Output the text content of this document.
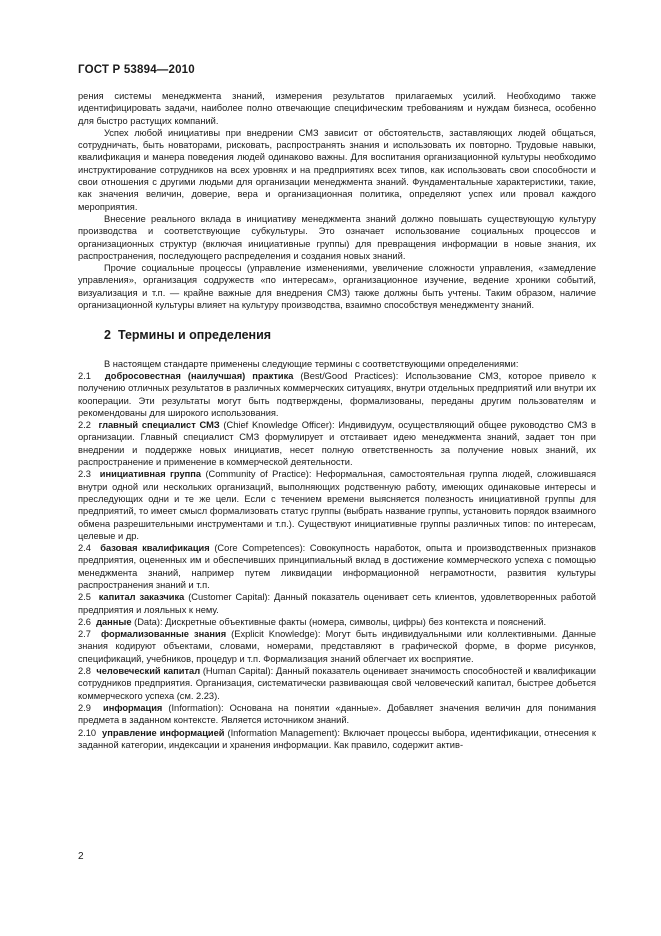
ГОСТ Р 53894—2010

рения системы менеджмента знаний, измерения результатов прилагаемых усилий. Необходимо также идентифицировать задачи, наиболее полно отвечающие специфическим требованиям и нуждам бизнеса, особенно для быстро растущих компаний.

Успех любой инициативы при внедрении СМЗ зависит от обстоятельств, заставляющих людей общаться, сотрудничать, быть новаторами, рисковать, распространять знания и использовать их повторно. Трудовые навыки, квалификация и манера поведения людей одинаково важны. Для воспитания организационной культуры необходимо инструктирование сотрудников на всех уровнях и на предприятиях всех типов, как использовать свои способности и свои отношения с другими людьми для организации менеджмента знаний. Фундаментальные характеристики, такие, как значения величин, доверие, вера и организационная политика, определяют успех или провал каждого мероприятия.

Внесение реального вклада в инициативу менеджмента знаний должно повышать существующую культуру производства и соответствующие субкультуры. Это означает использование социальных процессов и организационных структур (включая инициативные группы) для превращения информации в новые знания, их распространения, последующего распределения и создания новых знаний.

Прочие социальные процессы (управление изменениями, увеличение сложности управления, «замедление управления», организация содружеств «по интересам», организационное изучение, ведение хроники событий, визуализация и т.п. — крайне важные для внедрения СМЗ) также должны быть учтены. Таким образом, наличие организационной культуры влияет на культуру производства, взаимно способствуя менеджменту знаний.

2 Термины и определения

В настоящем стандарте применены следующие термины с соответствующими определениями:

2.1 добросовестная (наилучшая) практика (Best/Good Practices): Использование СМЗ, которое привело к получению отличных результатов в различных коммерческих ситуациях, внутри отдельных предприятий или внутри их кооперации. Эти результаты могут быть подтверждены, формализованы, переданы другим пользователям и рекомендованы для широкого использования.

2.2 главный специалист СМЗ (Chief Knowledge Officer): Индивидуум, осуществляющий общее руководство СМЗ в организации. Главный специалист СМЗ формулирует и отстаивает идею менеджмента знаний, задает тон при внедрении и поддержке новых инициатив, несет полную ответственность за получение новых знаний, их распространение и применение в коммерческой деятельности.

2.3 инициативная группа (Community of Practice): Неформальная, самостоятельная группа людей, сложившаяся внутри одной или нескольких организаций, выполняющих родственную работу, имеющих одинаковые интересы и преследующих одни и те же цели. Если с течением времени выясняется полезность инициативной группы для предприятий, то имеет смысл формализовать статус группы (выбрать название группы, установить порядок взаимного обмена разрешительными инструментами и т.п.). Существуют инициативные группы различных типов: по интересам, целевые и др.

2.4 базовая квалификация (Core Competences): Совокупность наработок, опыта и производственных признаков предприятия, оцененных им и обеспечивших принципиальный вклад в достижение коммерческого успеха с помощью менеджмента знаний, например путем ликвидации информационной неграмотности, развития культуры распространения знаний и т.п.

2.5 капитал заказчика (Customer Capital): Данный показатель оценивает сеть клиентов, удовлетворенных работой предприятия и лояльных к нему.

2.6 данные (Data): Дискретные объективные факты (номера, символы, цифры) без контекста и пояснений.

2.7 формализованные знания (Explicit Knowledge): Могут быть индивидуальными или коллективными. Данные знания кодируют объектами, словами, номерами, представляют в графической форме, в форме рисунков, спецификаций, учебников, процедур и т.п. Формализация знаний облегчает их восприятие.

2.8 человеческий капитал (Human Capital): Данный показатель оценивает значимость способностей и квалификации сотрудников предприятия. Организация, систематически развивающая свой человеческий капитал, быстрее добьется коммерческого успеха (см. 2.23).

2.9 информация (Information): Основана на понятии «данные». Добавляет значения величин для понимания предмета в заданном контексте. Является источником знаний.

2.10 управление информацией (Information Management): Включает процессы выбора, идентификации, отнесения к заданной категории, индексации и хранения информации. Как правило, содержит актив-

2
